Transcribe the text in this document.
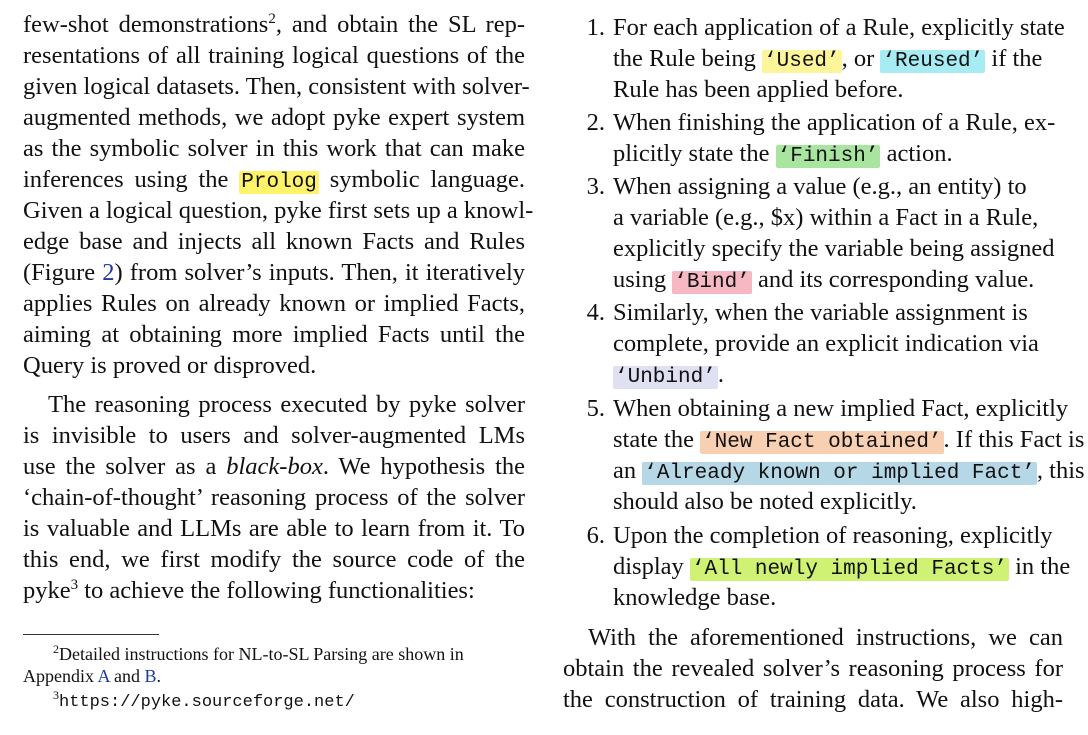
few-shot demonstrations$^2$, and obtain the SL rep-
resentations of all training logical questions of the
given logical datasets. Then, consistent with solver-
augmented methods, we adopt pyke expert system
as the symbolic solver in this work that can make
inferences using the Prolog symbolic language.
Given a logical question, pyke first sets up a knowl-
edge base and injects all known Facts and Rules
(Figure 2) from solver’s inputs. Then, it iteratively
applies Rules on already known or implied Facts,
aiming at obtaining more implied Facts until the
Query is proved or disproved.
The reasoning process executed by pyke solver
is invisible to users and solver-augmented LMs
use the solver as a black-box. We hypothesis the
‘chain-of-thought’ reasoning process of the solver
is valuable and LLMs are able to learn from it. To
this end, we first modify the source code of the
pyke$^3$ to achieve the following functionalities:
$^2$Detailed instructions for NL-to-SL Parsing are shown in
Appendix A and B.
$^3$https://pyke.sourceforge.net/
1. For each application of a Rule, explicitly state
the Rule being ‘Used’, or ‘Reused’ if the
Rule has been applied before.
2. When finishing the application of a Rule, ex-
plicitly state the ‘Finish’ action.
3. When assigning a value (e.g., an entity) to
a variable (e.g., $x) within a Fact in a Rule,
explicitly specify the variable being assigned
using ‘Bind’ and its corresponding value.
4. Similarly, when the variable assignment is
complete, provide an explicit indication via
‘Unbind’.
5. When obtaining a new implied Fact, explicitly
state the ‘New Fact obtained’. If this Fact is
an ‘Already known or implied Fact’, this
should also be noted explicitly.
6. Upon the completion of reasoning, explicitly
display ‘All newly implied Facts’ in the
knowledge base.
With the aforementioned instructions, we can
obtain the revealed solver’s reasoning process for
the construction of training data. We also high-
